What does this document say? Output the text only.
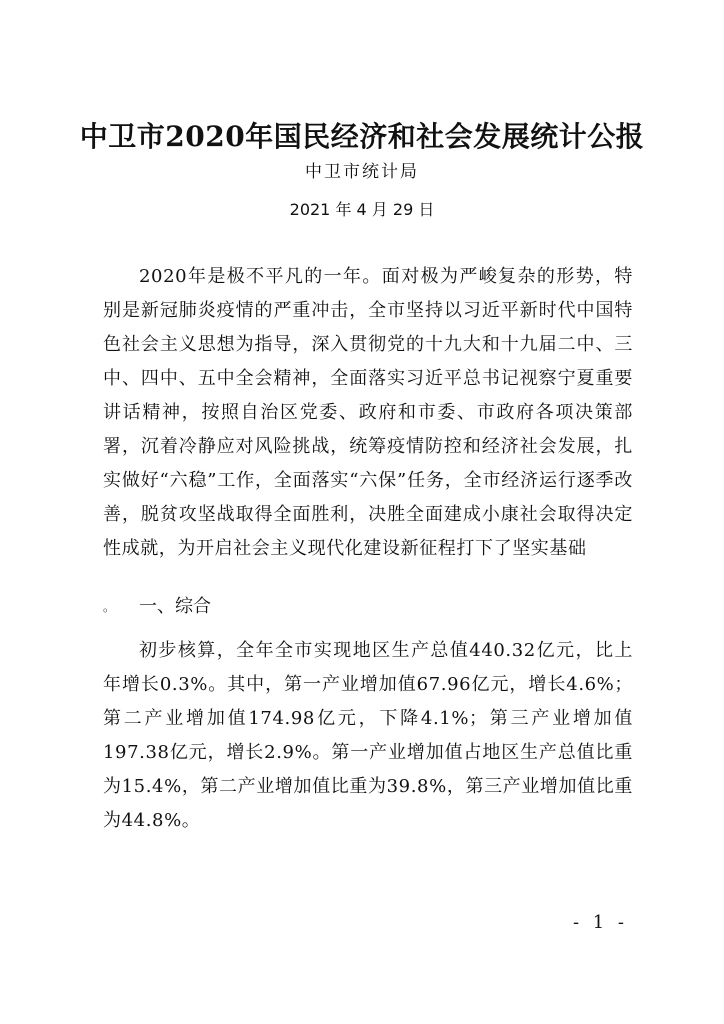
中卫市2020年国民经济和社会发展统计公报
中卫市统计局
2021 年 4 月 29 日

2020年是极不平凡的一年。面对极为严峻复杂的形势，特别是新冠肺炎疫情的严重冲击，全市坚持以习近平新时代中国特色社会主义思想为指导，深入贯彻党的十九大和十九届二中、三中、四中、五中全会精神，全面落实习近平总书记视察宁夏重要讲话精神，按照自治区党委、政府和市委、市政府各项决策部署，沉着冷静应对风险挑战，统筹疫情防控和经济社会发展，扎实做好“六稳”工作，全面落实“六保”任务，全市经济运行逐季改善，脱贫攻坚战取得全面胜利，决胜全面建成小康社会取得决定性成就，为开启社会主义现代化建设新征程打下了坚实基础

。 一、综合

初步核算，全年全市实现地区生产总值440.32亿元，比上年增长0.3%。其中，第一产业增加值67.96亿元，增长4.6%；第二产业增加值174.98亿元，下降4.1%；第三产业增加值197.38亿元，增长2.9%。第一产业增加值占地区生产总值比重为15.4%，第二产业增加值比重为39.8%，第三产业增加值比重为44.8%。

- 1 -
